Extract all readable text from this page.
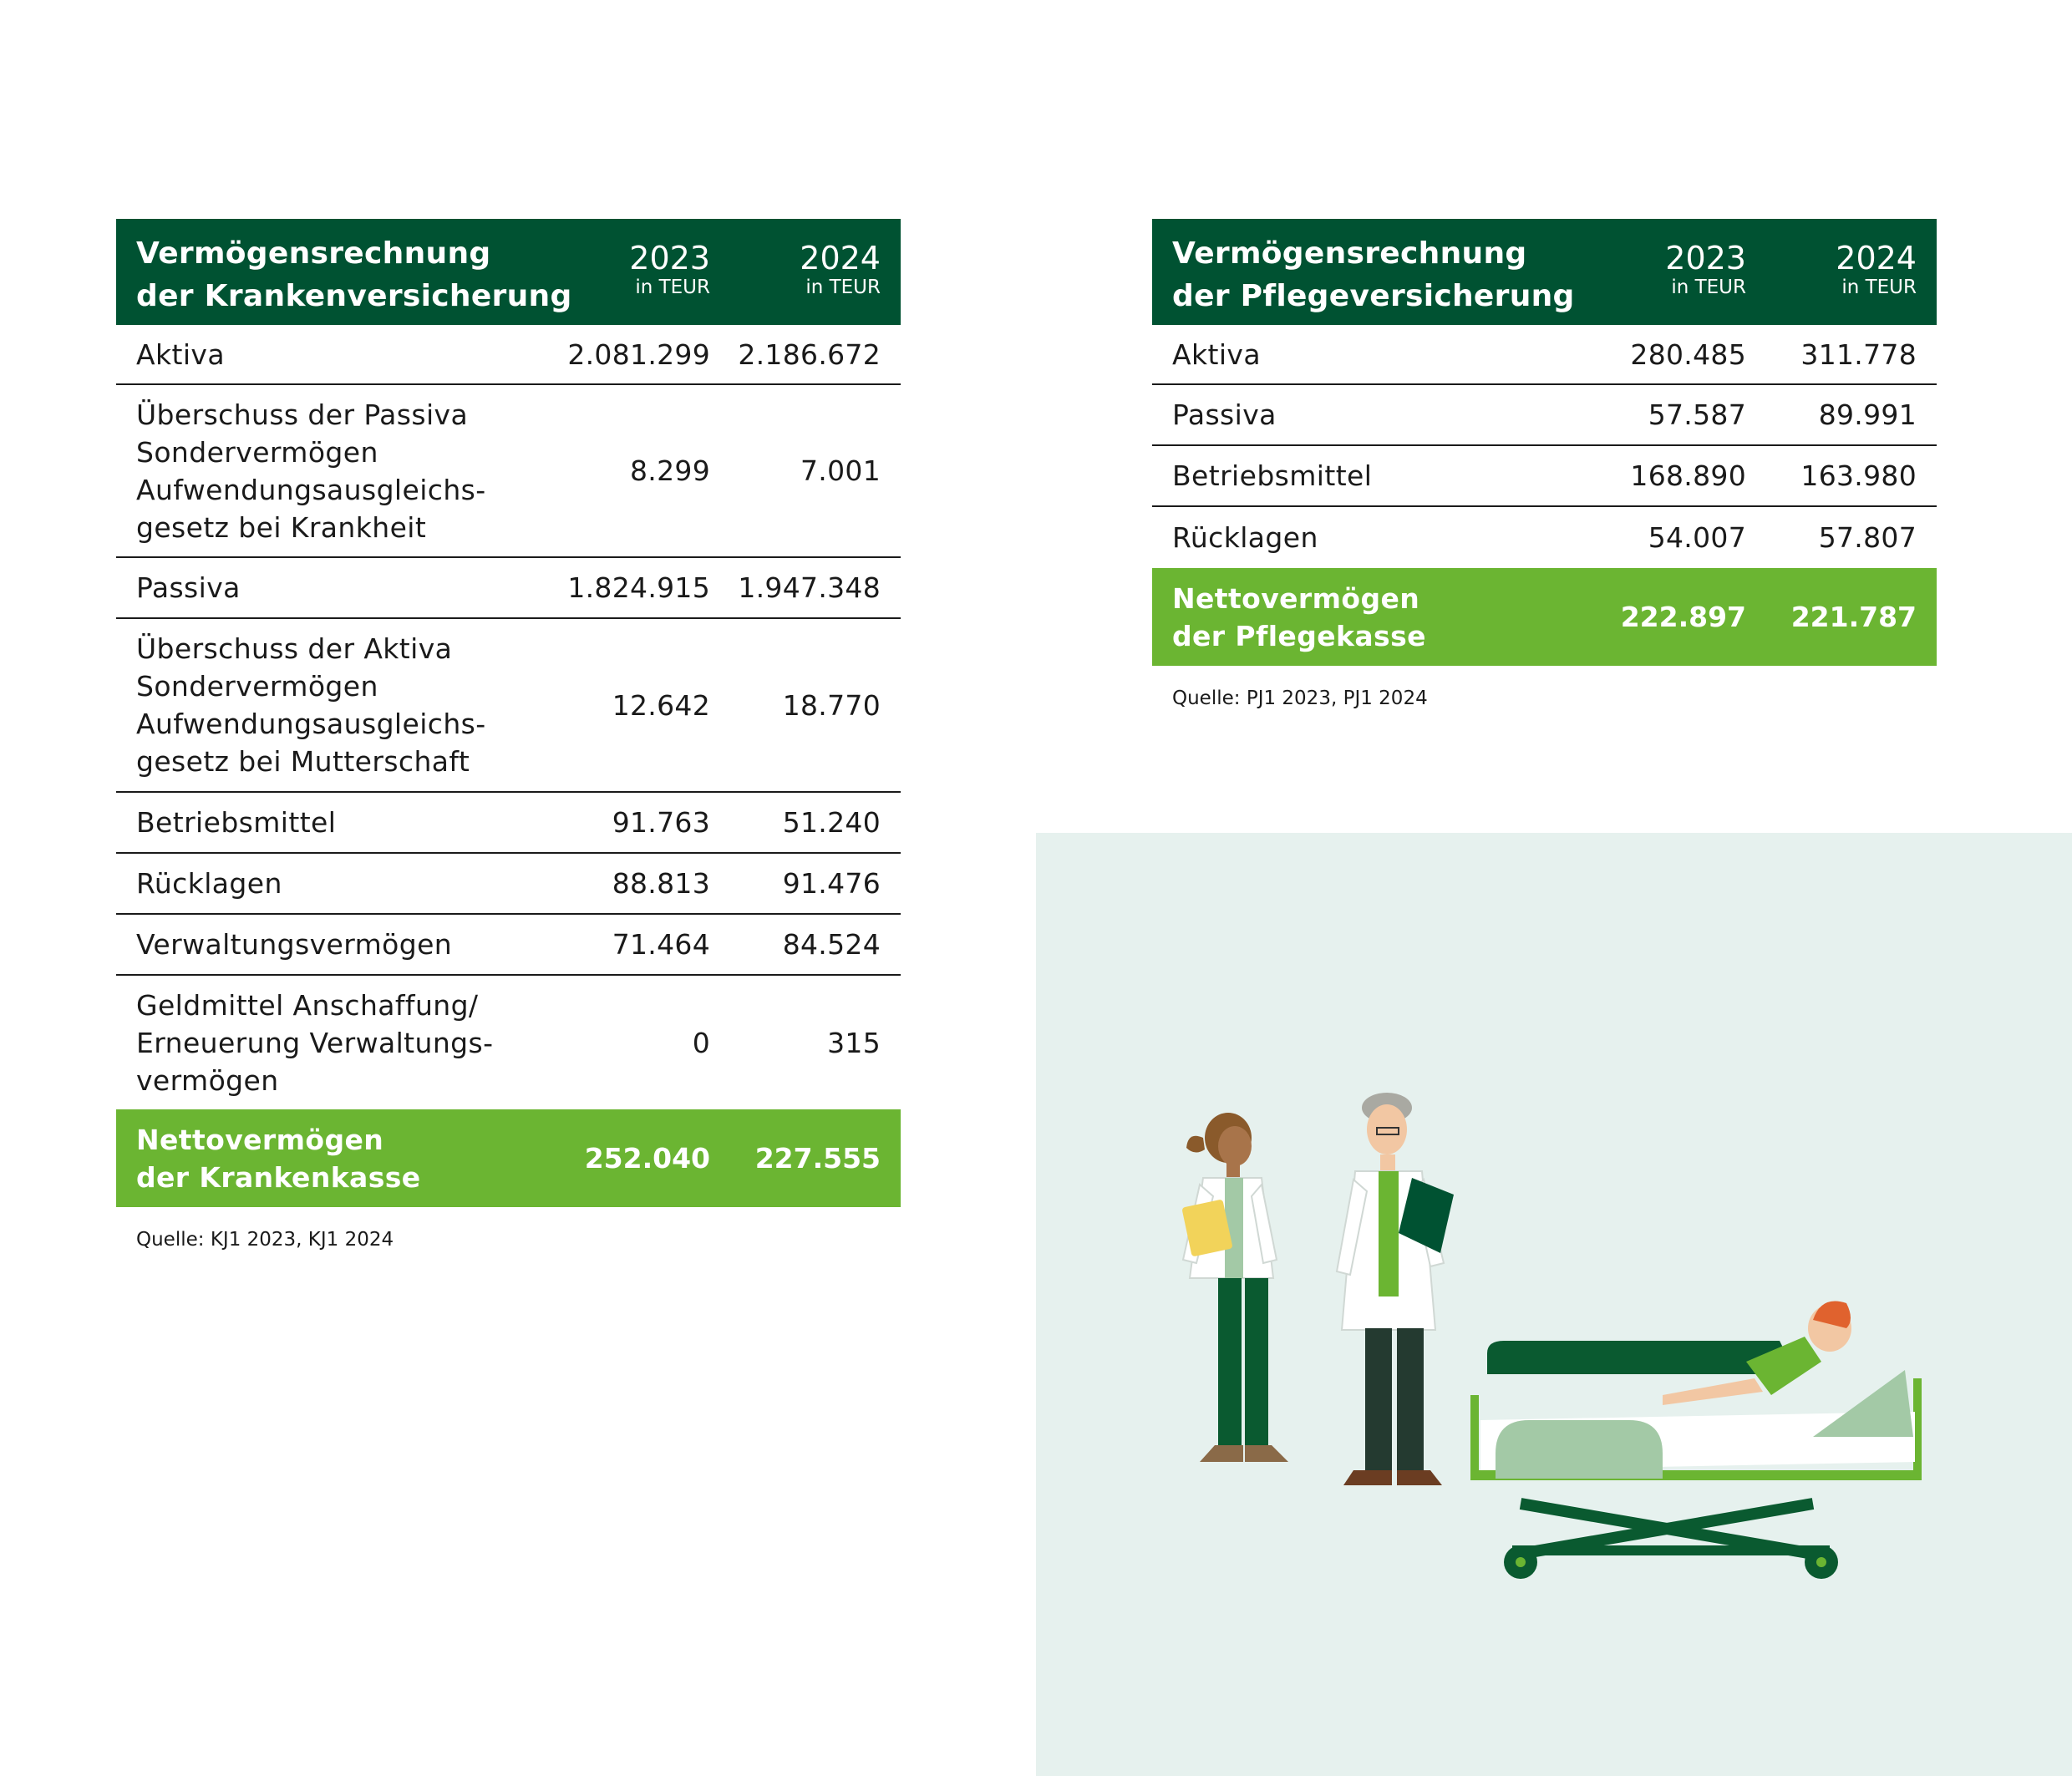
Vermögensrechnung
der Krankenversicherung
2023
in TEUR
2024
in TEUR
Aktiva	2.081.299	2.186.672
Überschuss der Passiva
Sondervermögen
Aufwendungsausgleichs-
gesetz bei Krankheit
8.299	7.001
Passiva	1.824.915	1.947.348
Überschuss der Aktiva
Sondervermögen
Aufwendungsausgleichs-
gesetz bei Mutterschaft
12.642	18.770
Betriebsmittel	91.763	51.240
Rücklagen	88.813	91.476
Verwaltungsvermögen	71.464	84.524
Geldmittel Anschaffung/
Erneuerung Verwaltungs-
vermögen
0	315
Nettovermögen
der Krankenkasse
252.040	227.555
Quelle: KJ1 2023, KJ1 2024
Vermögensrechnung
der Pflegeversicherung
2023
in TEUR
2024
in TEUR
Aktiva	280.485	311.778
Passiva	57.587	89.991
Betriebsmittel	168.890	163.980
Rücklagen	54.007	57.807
Nettovermögen
der Pflegekasse
222.897	221.787
Quelle: PJ1 2023, PJ1 2024
